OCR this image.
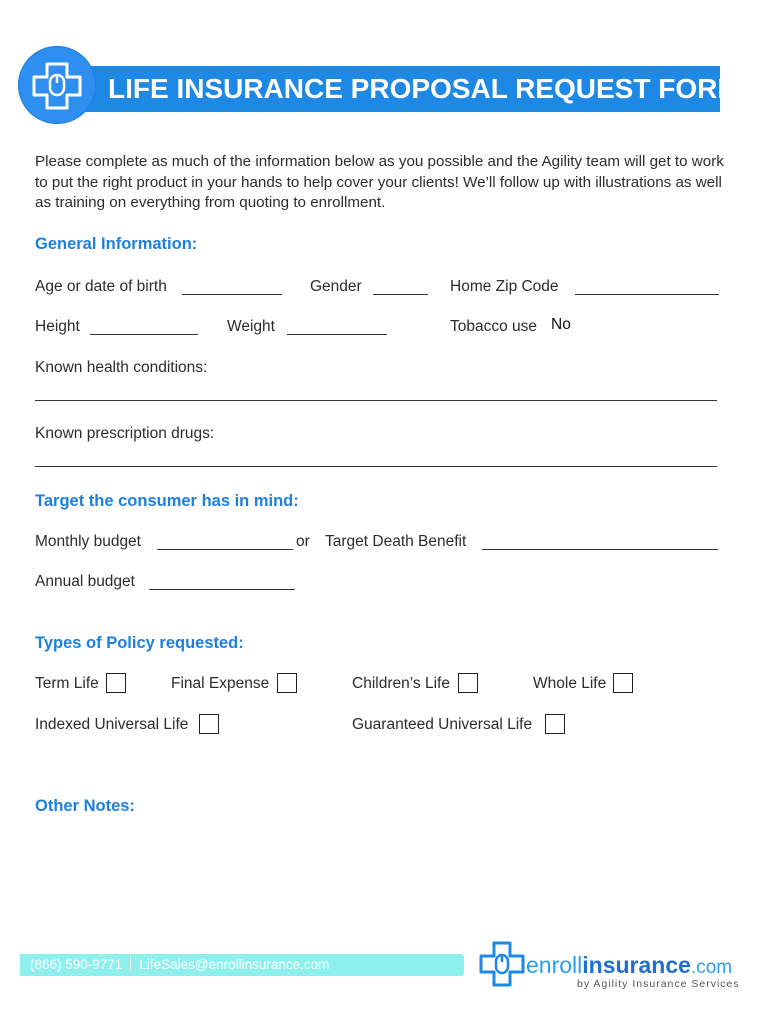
LIFE INSURANCE PROPOSAL REQUEST FORM
Please complete as much of the information below as you possible and the Agility team will get to work to put the right product in your hands to help cover your clients! We’ll follow up with illustrations as well as training on everything from quoting to enrollment.
General Information:
Age or date of birth	Gender	Home Zip Code
Height	Weight	Tobacco use No
Known health conditions:
Known prescription drugs:
Target the consumer has in mind:
Monthly budget	or Target Death Benefit
Annual budget
Types of Policy requested:
Term Life	Final Expense	Children’s Life	Whole Life
Indexed Universal Life	Guaranteed Universal Life
Other Notes:
(866) 590-9771 LifeSales@enrollinsurance.com	enrollinsurance.com
by Agility Insurance Services
